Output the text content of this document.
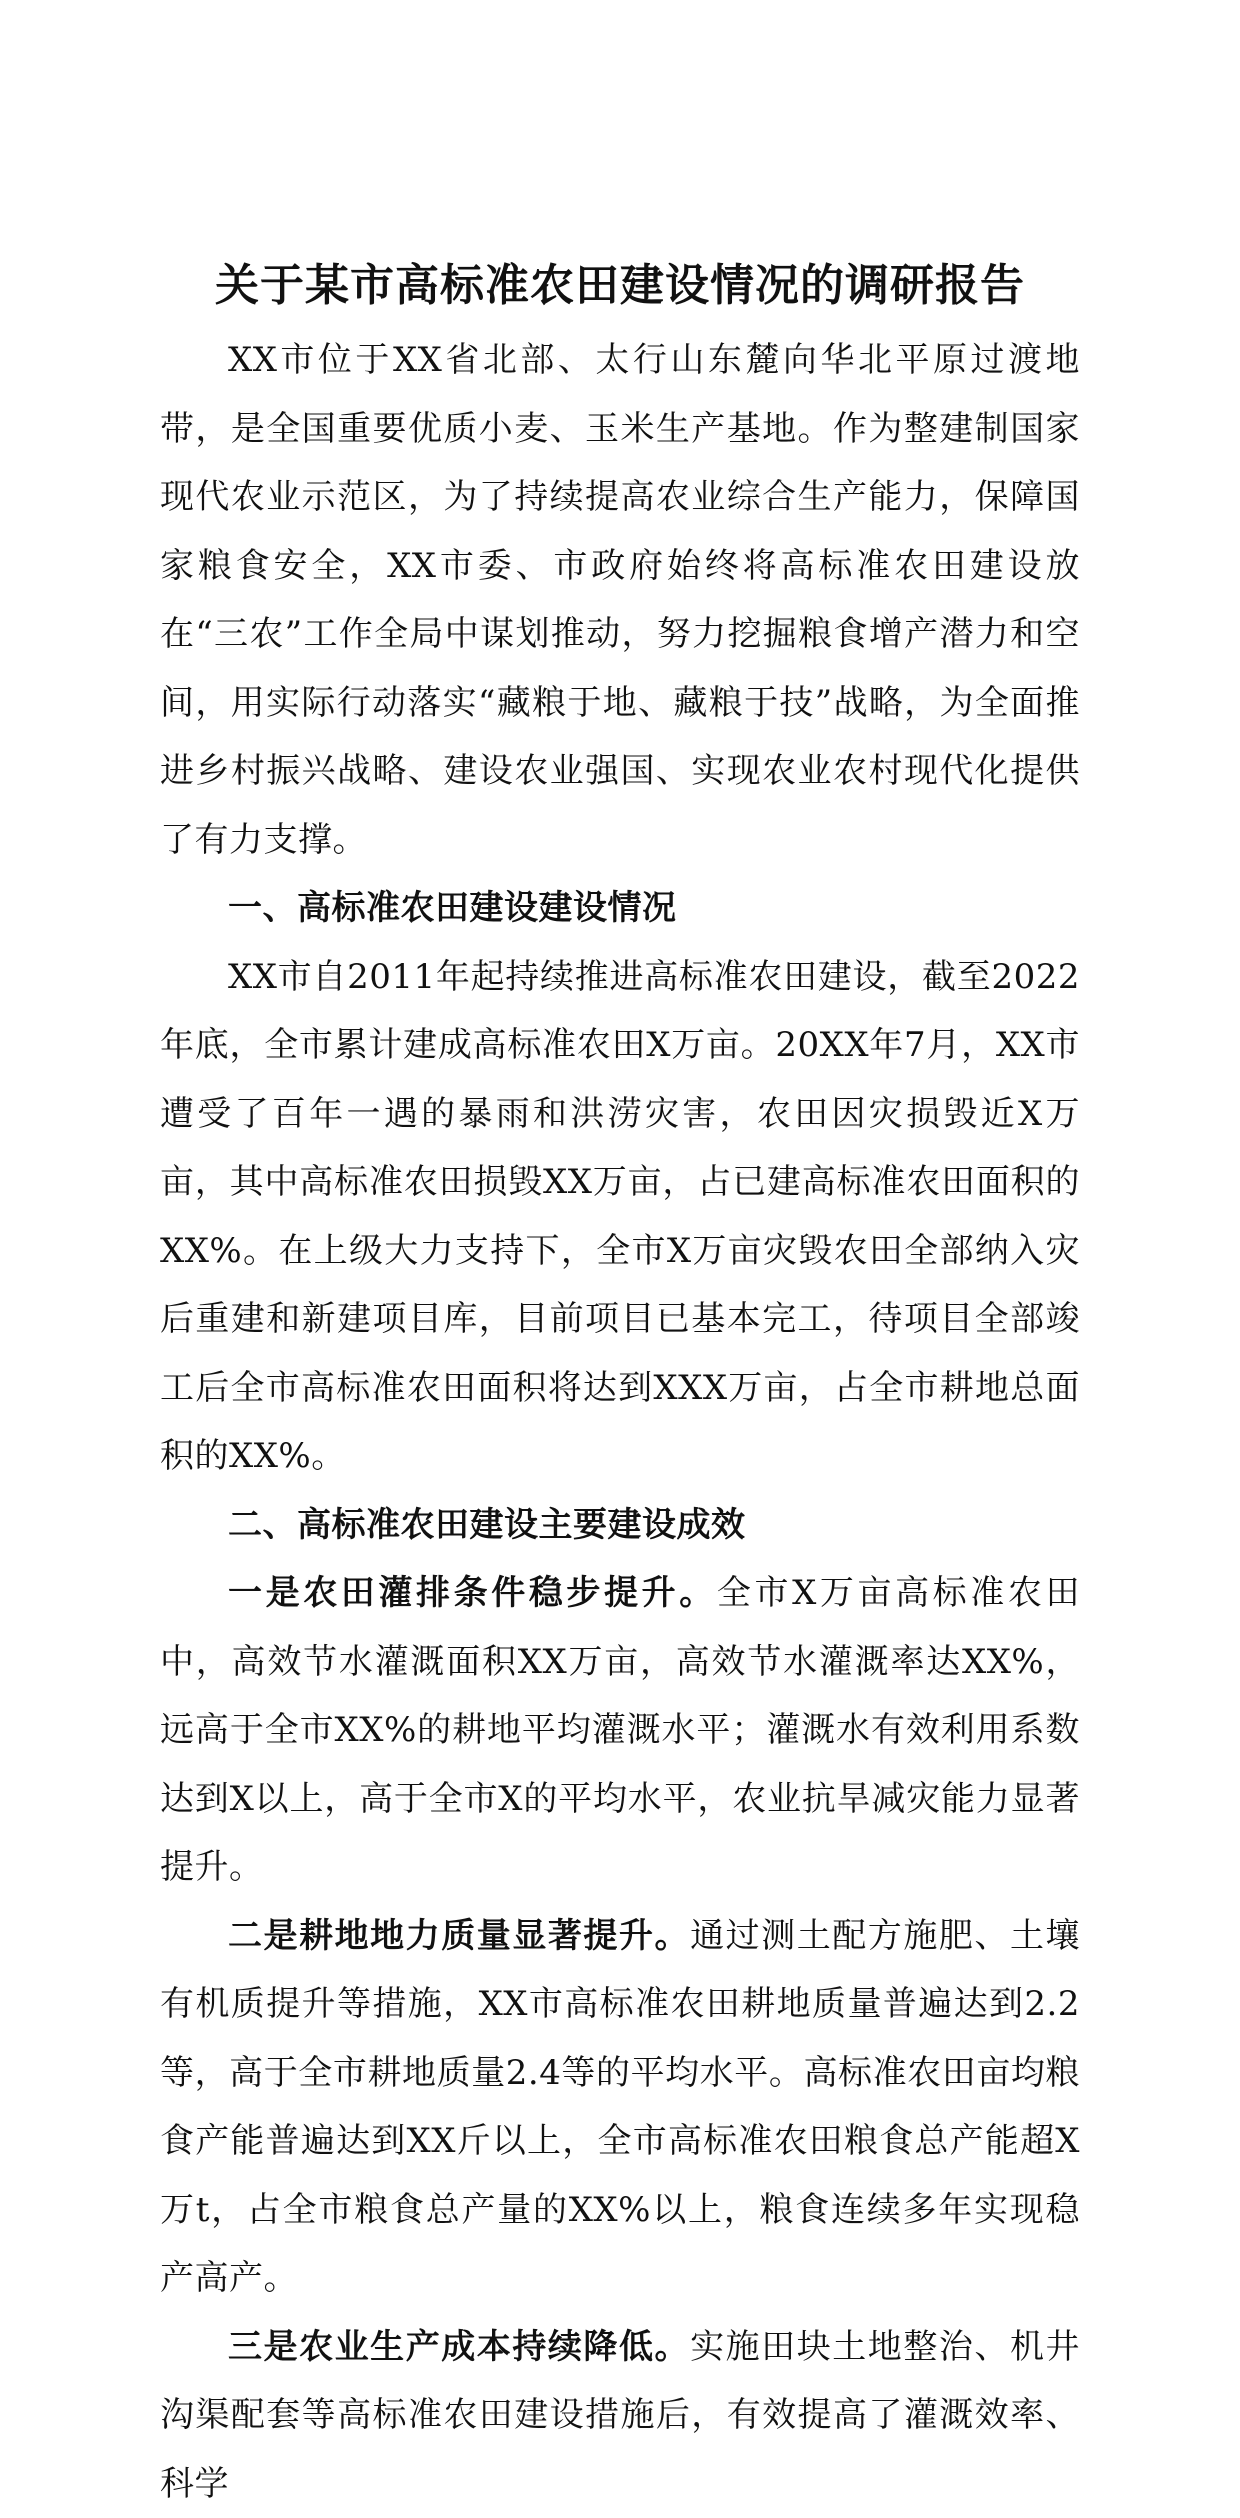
关于某市高标准农田建设情况的调研报告

XX市位于XX省北部、太行山东麓向华北平原过渡地带，是全国重要优质小麦、玉米生产基地。作为整建制国家现代农业示范区，为了持续提高农业综合生产能力，保障国家粮食安全，XX市委、市政府始终将高标准农田建设放在“三农”工作全局中谋划推动，努力挖掘粮食增产潜力和空间，用实际行动落实“藏粮于地、藏粮于技”战略，为全面推进乡村振兴战略、建设农业强国、实现农业农村现代化提供了有力支撑。

一、高标准农田建设建设情况

XX市自2011年起持续推进高标准农田建设，截至2022年底，全市累计建成高标准农田X万亩。20XX年7月，XX市遭受了百年一遇的暴雨和洪涝灾害，农田因灾损毁近X万亩，其中高标准农田损毁XX万亩，占已建高标准农田面积的XX%。在上级大力支持下，全市X万亩灾毁农田全部纳入灾后重建和新建项目库，目前项目已基本完工，待项目全部竣工后全市高标准农田面积将达到XXX万亩，占全市耕地总面积的XX%。

二、高标准农田建设主要建设成效

一是农田灌排条件稳步提升。全市X万亩高标准农田中，高效节水灌溉面积XX万亩，高效节水灌溉率达XX%，远高于全市XX%的耕地平均灌溉水平；灌溉水有效利用系数达到X以上，高于全市X的平均水平，农业抗旱减灾能力显著提升。

二是耕地地力质量显著提升。通过测土配方施肥、土壤有机质提升等措施，XX市高标准农田耕地质量普遍达到2.2等，高于全市耕地质量2.4等的平均水平。高标准农田亩均粮食产能普遍达到XX斤以上，全市高标准农田粮食总产能超X万t，占全市粮食总产量的XX%以上，粮食连续多年实现稳产高产。

三是农业生产成本持续降低。实施田块土地整治、机井沟渠配套等高标准农田建设措施后，有效提高了灌溉效率、科学
